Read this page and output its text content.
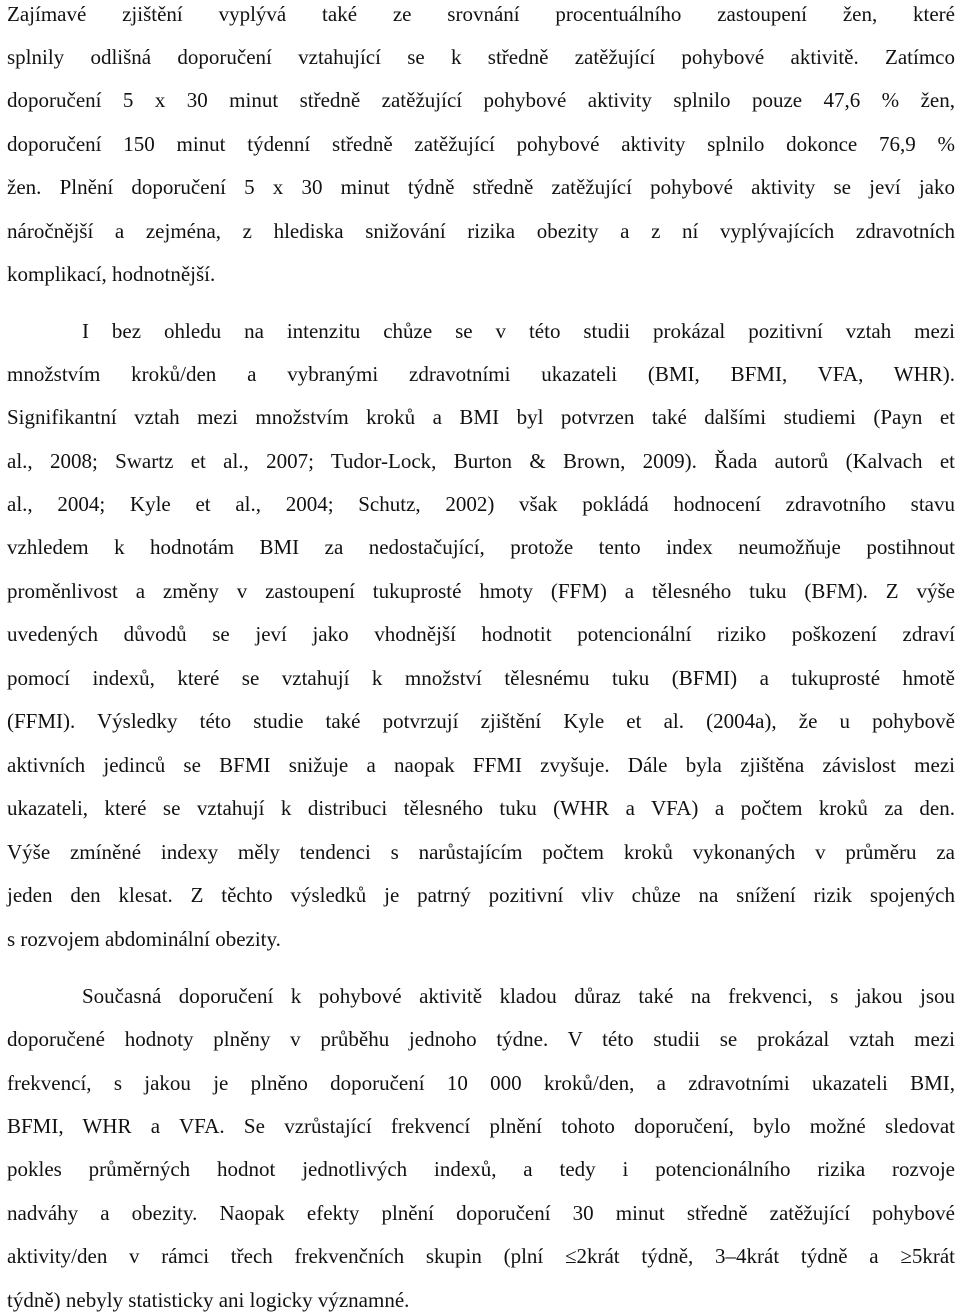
Zajímavé zjištění vyplývá také ze srovnání procentuálního zastoupení žen, které
splnily odlišná doporučení vztahující se k středně zatěžující pohybové aktivitě. Zatímco
doporučení 5 x 30 minut středně zatěžující pohybové aktivity splnilo pouze 47,6 % žen,
doporučení 150 minut týdenní středně zatěžující pohybové aktivity splnilo dokonce 76,9 %
žen. Plnění doporučení 5 x 30 minut týdně středně zatěžující pohybové aktivity se jeví jako
náročnější a zejména, z hlediska snižování rizika obezity a z ní vyplývajících zdravotních
komplikací, hodnotnější.
I bez ohledu na intenzitu chůze se v této studii prokázal pozitivní vztah mezi
množstvím kroků/den a vybranými zdravotními ukazateli (BMI, BFMI, VFA, WHR).
Signifikantní vztah mezi množstvím kroků a BMI byl potvrzen také dalšími studiemi (Payn et
al., 2008; Swartz et al., 2007; Tudor-Lock, Burton & Brown, 2009). Řada autorů (Kalvach et
al., 2004; Kyle et al., 2004; Schutz, 2002) však pokládá hodnocení zdravotního stavu
vzhledem k hodnotám BMI za nedostačující, protože tento index neumožňuje postihnout
proměnlivost a změny v zastoupení tukuprosté hmoty (FFM) a tělesného tuku (BFM). Z výše
uvedených důvodů se jeví jako vhodnější hodnotit potencionální riziko poškození zdraví
pomocí indexů, které se vztahují k množství tělesnému tuku (BFMI) a tukuprosté hmotě
(FFMI). Výsledky této studie také potvrzují zjištění Kyle et al. (2004a), že u pohybově
aktivních jedinců se BFMI snižuje a naopak FFMI zvyšuje. Dále byla zjištěna závislost mezi
ukazateli, které se vztahují k distribuci tělesného tuku (WHR a VFA) a počtem kroků za den.
Výše zmíněné indexy měly tendenci s narůstajícím počtem kroků vykonaných v průměru za
jeden den klesat. Z těchto výsledků je patrný pozitivní vliv chůze na snížení rizik spojených
s rozvojem abdominální obezity.
Současná doporučení k pohybové aktivitě kladou důraz také na frekvenci, s jakou jsou
doporučené hodnoty plněny v průběhu jednoho týdne. V této studii se prokázal vztah mezi
frekvencí, s jakou je plněno doporučení 10 000 kroků/den, a zdravotními ukazateli BMI,
BFMI, WHR a VFA. Se vzrůstající frekvencí plnění tohoto doporučení, bylo možné sledovat
pokles průměrných hodnot jednotlivých indexů, a tedy i potencionálního rizika rozvoje
nadváhy a obezity. Naopak efekty plnění doporučení 30 minut středně zatěžující pohybové
aktivity/den v rámci třech frekvenčních skupin (plní ≤2krát týdně, 3–4krát týdně a ≥5krát
týdně) nebyly statisticky ani logicky významné.
